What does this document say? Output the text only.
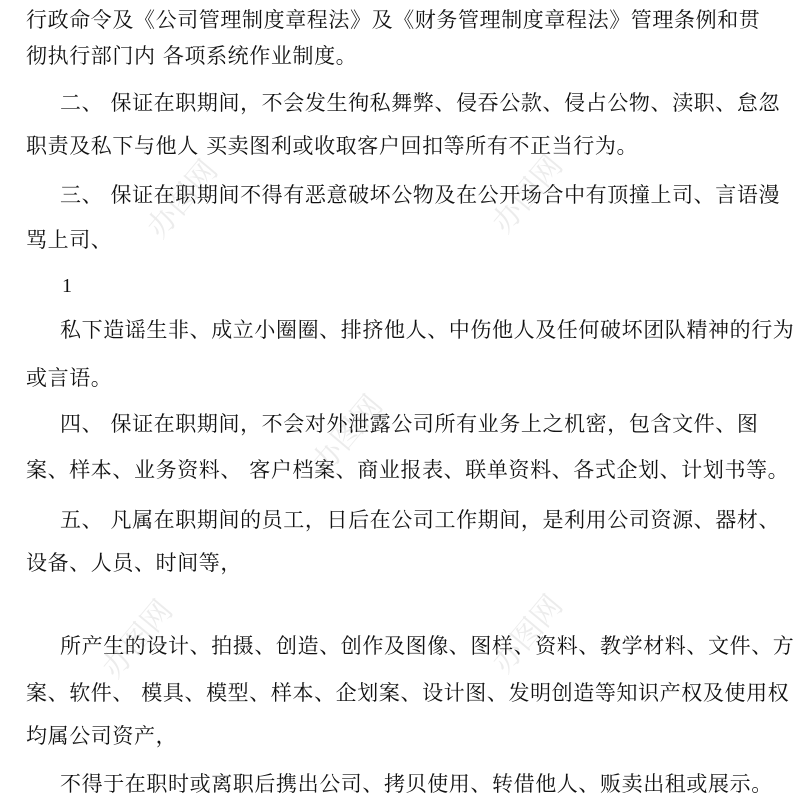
行政命令及《公司管理制度章程法》及《财务管理制度章程法》管理条例和贯
彻执行部门内 各项系统作业制度。
二、 保证在职期间，不会发生徇私舞弊、侵吞公款、侵占公物、渎职、怠忽
职责及私下与他人 买卖图利或收取客户回扣等所有不正当行为。
三、 保证在职期间不得有恶意破坏公物及在公开场合中有顶撞上司、言语漫
骂上司、
1
私下造谣生非、成立小圈圈、排挤他人、中伤他人及任何破坏团队精神的行为
或言语。
四、 保证在职期间，不会对外泄露公司所有业务上之机密，包含文件、图
案、样本、业务资料、 客户档案、商业报表、联单资料、各式企划、计划书等。
五、 凡属在职期间的员工，日后在公司工作期间，是利用公司资源、器材、
设备、人员、时间等，
所产生的设计、拍摄、创造、创作及图像、图样、资料、教学材料、文件、方
案、软件、 模具、模型、样本、企划案、设计图、发明创造等知识产权及使用权
均属公司资产，
不得于在职时或离职后携出公司、拷贝使用、转借他人、贩卖出租或展示。
办图网	办图网
办图网
办图网	办图网
